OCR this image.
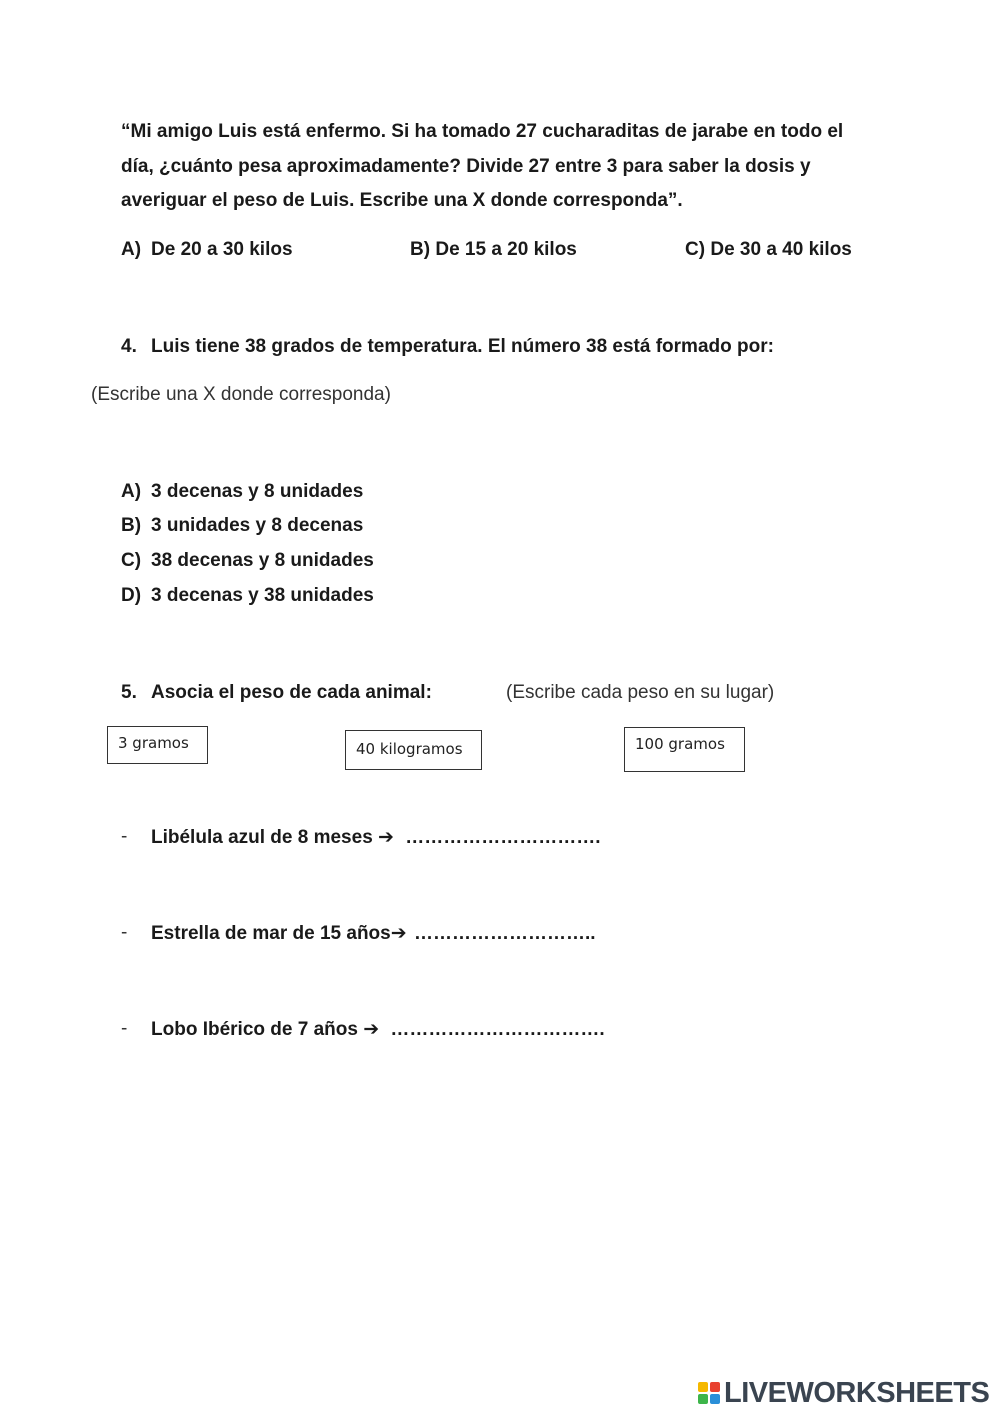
“Mi amigo Luis está enfermo. Si ha tomado 27 cucharaditas de jarabe en todo el
día, ¿cuánto pesa aproximadamente? Divide 27 entre 3 para saber la dosis y
averiguar el peso de Luis. Escribe una X donde corresponda”.
A) De 20 a 30 kilos	B) De 15 a 20 kilos	C) De 30 a 40 kilos
4. Luis tiene 38 grados de temperatura. El número 38 está formado por:
(Escribe una X donde corresponda)
A) 3 decenas y 8 unidades
B) 3 unidades y 8 decenas
C) 38 decenas y 8 unidades
D) 3 decenas y 38 unidades
5. Asocia el peso de cada animal:	(Escribe cada peso en su lugar)
3 gramos	40 kilogramos	100 gramos
- Libélula azul de 8 meses ➔ ………………………….
- Estrella de mar de 15 años➔ ………………………..
- Lobo Ibérico de 7 años ➔ …………………………….
LIVEWORKSHEETS
